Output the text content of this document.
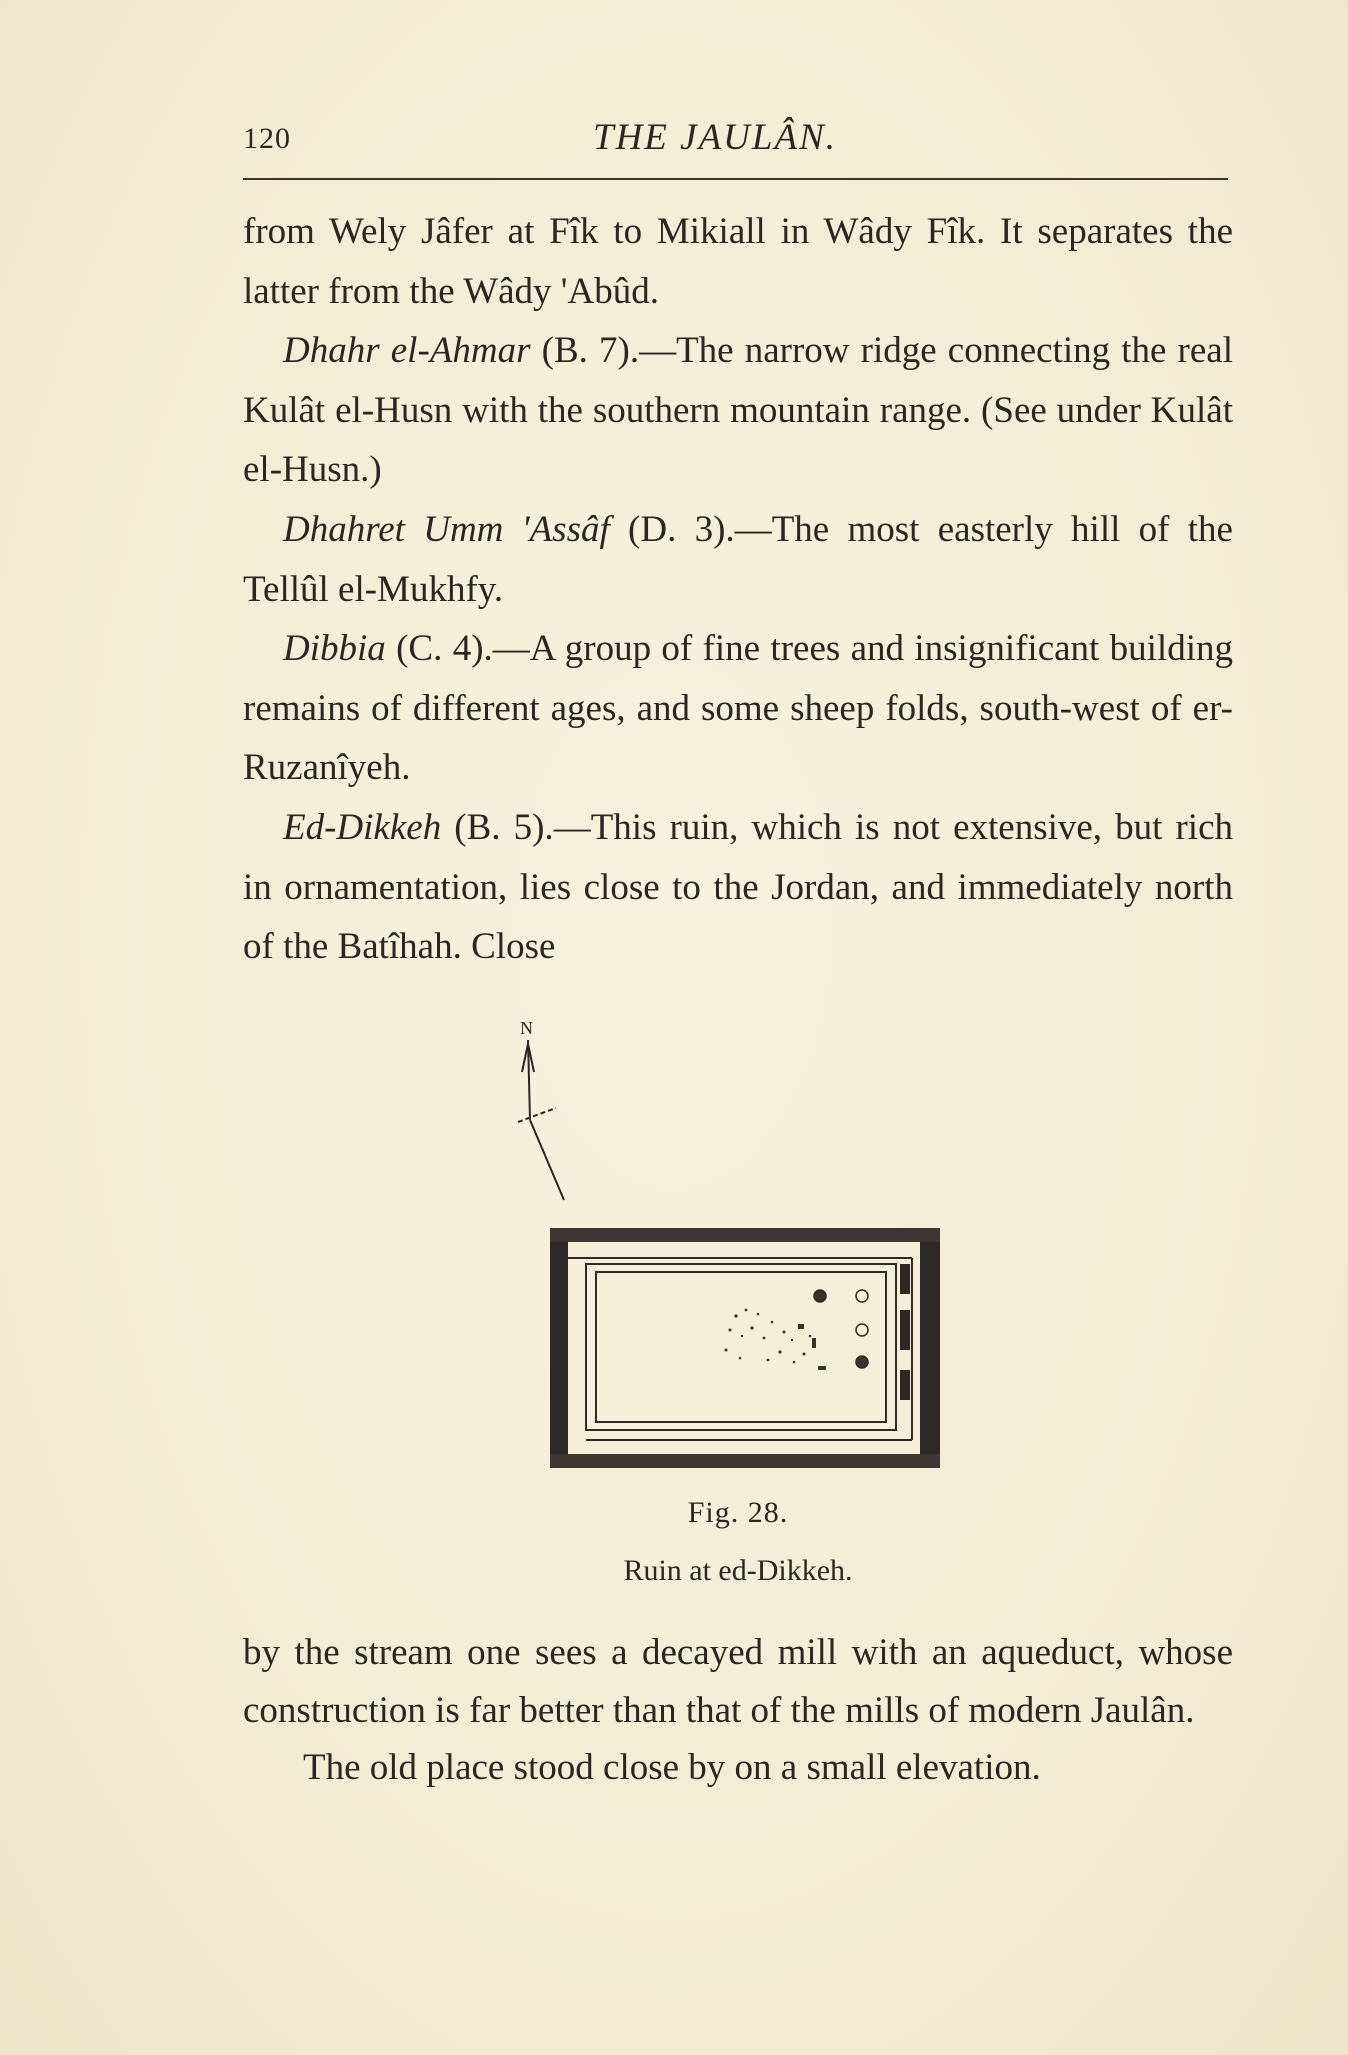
120	THE JAULÂN.

from Wely Jâfer at Fîk to Mikiall in Wâdy Fîk. It separates the latter from the Wâdy 'Abûd.

Dhahr el-Ahmar (B. 7).—The narrow ridge connecting the real Kulât el-Husn with the southern mountain range. (See under Kulât el-Husn.)

Dhahret Umm 'Assâf (D. 3).—The most easterly hill of the Tellûl el-Mukhfy.

Dibbia (C. 4).—A group of fine trees and insignificant building remains of different ages, and some sheep folds, south-west of er-Ruzanîyeh.

Ed-Dikkeh (B. 5).—This ruin, which is not extensive, but rich in ornamentation, lies close to the Jordan, and immediately north of the Batîhah. Close

N
Fig. 28.
Ruin at ed-Dikkeh.

by the stream one sees a decayed mill with an aqueduct, whose construction is far better than that of the mills of modern Jaulân.

The old place stood close by on a small elevation.
